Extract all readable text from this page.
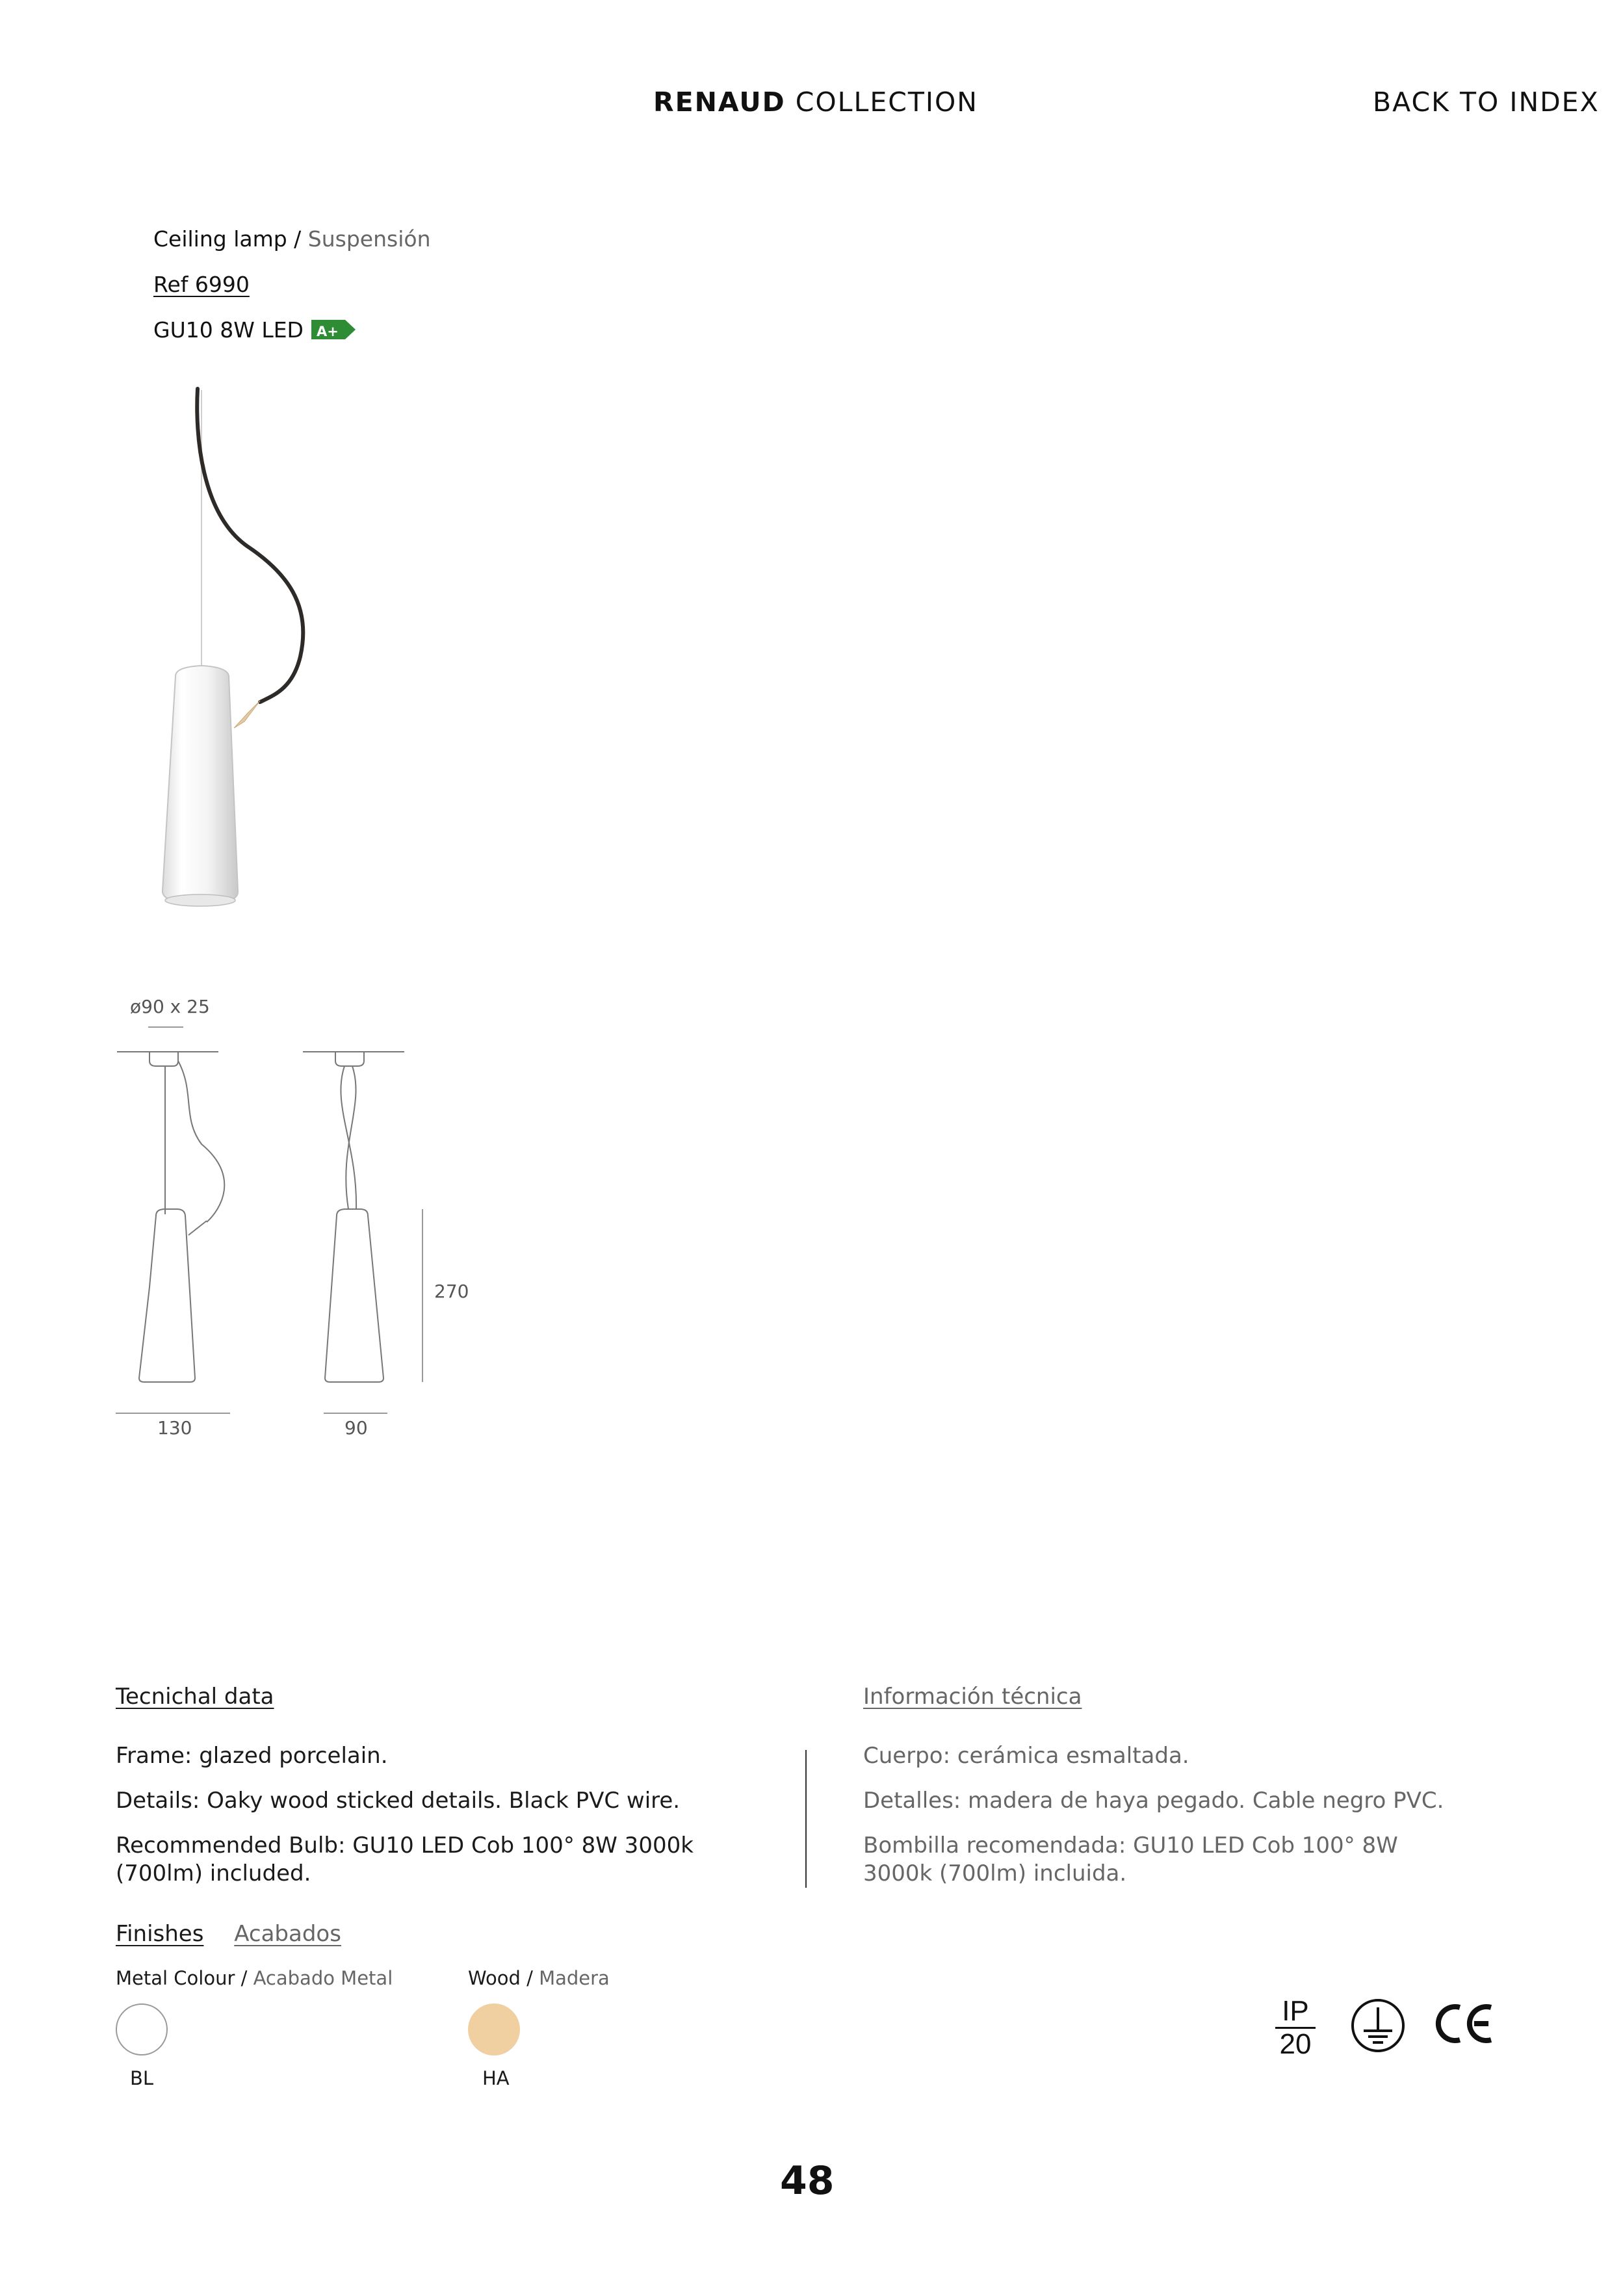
RENAUD COLLECTION	BACK TO INDEX
Ceiling lamp / Suspensión
Ref 6990
GU10 8W LED A+
ø90 x 25
270
130	90
Tecnichal data	Información técnica
Frame: glazed porcelain.
Details: Oaky wood sticked details. Black PVC wire.
Recommended Bulb: GU10 LED Cob 100° 8W 3000k (700lm) included.
Cuerpo: cerámica esmaltada.
Detalles: madera de haya pegado. Cable negro PVC.
Bombilla recomendada: GU10 LED Cob 100° 8W 3000k (700lm) incluida.
Finishes Acabados
Metal Colour / Acabado Metal
BL
Wood / Madera
HA
IP
20
48
